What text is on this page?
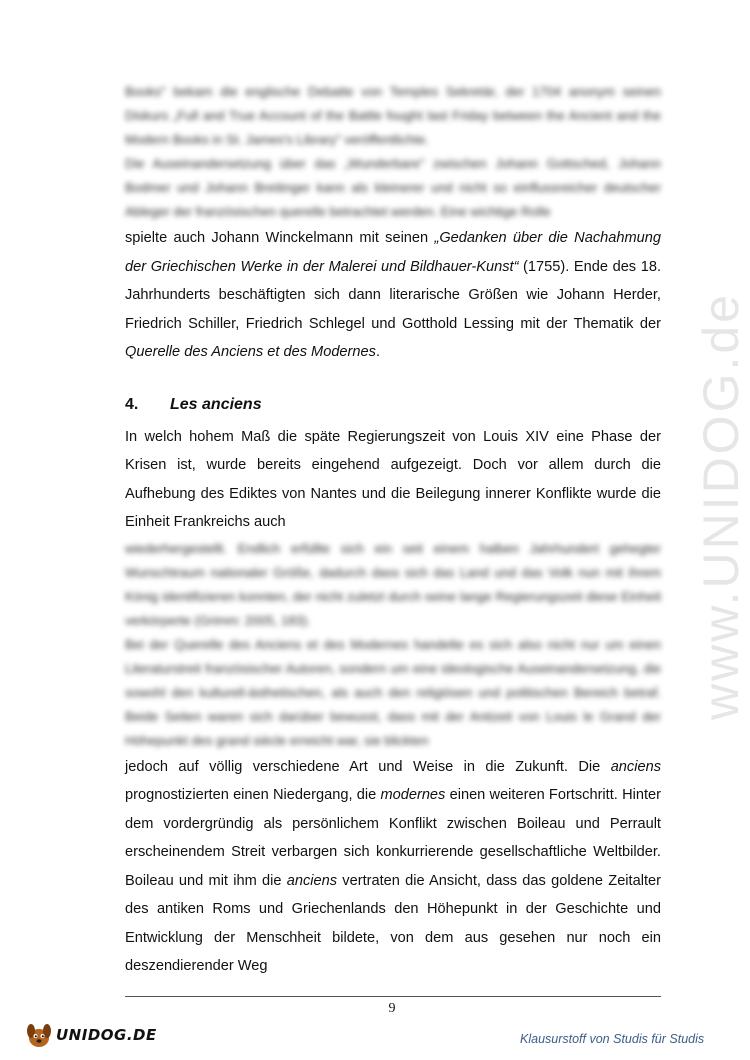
www.UNIDOG.de

Books" bekam die englische Debatte von Temples Sekretär, der 1704 anonym seinen Diskurs „Full and True Account of the Battle fought last Friday between the Ancient and the Modern Books in St. James's Library" veröffentlichte.

Die Auseinandersetzung über das „Wunderbare" zwischen Johann Gottsched, Johann Bodmer und Johann Breitinger kann als kleinerer und nicht so einflussreicher deutscher Ableger der französischen querelle betrachtet werden. Eine wichtige Rolle

spielte auch Johann Winckelmann mit seinen „Gedanken über die Nachahmung der Griechischen Werke in der Malerei und Bildhauer-Kunst“ (1755). Ende des 18. Jahrhunderts beschäftigten sich dann literarische Größen wie Johann Herder, Friedrich Schiller, Friedrich Schlegel und Gotthold Lessing mit der Thematik der Querelle des Anciens et des Modernes.

4.	Les anciens

In welch hohem Maß die späte Regierungszeit von Louis XIV eine Phase der Krisen ist, wurde bereits eingehend aufgezeigt. Doch vor allem durch die Aufhebung des Ediktes von Nantes und die Beilegung innerer Konflikte wurde die Einheit Frankreichs auch

wiederhergestellt. Endlich erfüllte sich ein seit einem halben Jahrhundert gehegter Wunschtraum nationaler Größe, dadurch dass sich das Land und das Volk nun mit ihrem König identifizieren konnten, der nicht zuletzt durch seine lange Regierungszeit diese Einheit verkörperte (Grimm: 2005, 183).

Bei der Querelle des Anciens et des Modernes handelte es sich also nicht nur um einen Literaturstreit französischer Autoren, sondern um eine ideologische Auseinandersetzung, die sowohl den kulturell-ästhetischen, als auch den religiösen und politischen Bereich betraf. Beide Seiten waren sich darüber bewusst, dass mit der Antizeit von Louis le Grand der Höhepunkt des grand siècle erreicht war, sie blickten

jedoch auf völlig verschiedene Art und Weise in die Zukunft. Die anciens prognostizierten einen Niedergang, die modernes einen weiteren Fortschritt. Hinter dem vordergründig als persönlichem Konflikt zwischen Boileau und Perrault erscheinendem Streit verbargen sich konkurrierende gesellschaftliche Weltbilder. Boileau und mit ihm die anciens vertraten die Ansicht, dass das goldene Zeitalter des antiken Roms und Griechenlands den Höhepunkt in der Geschichte und Entwicklung der Menschheit bildete, von dem aus gesehen nur noch ein deszendierender Weg

9
UNIDOG.DE	Klausurstoff von Studis für Studis
